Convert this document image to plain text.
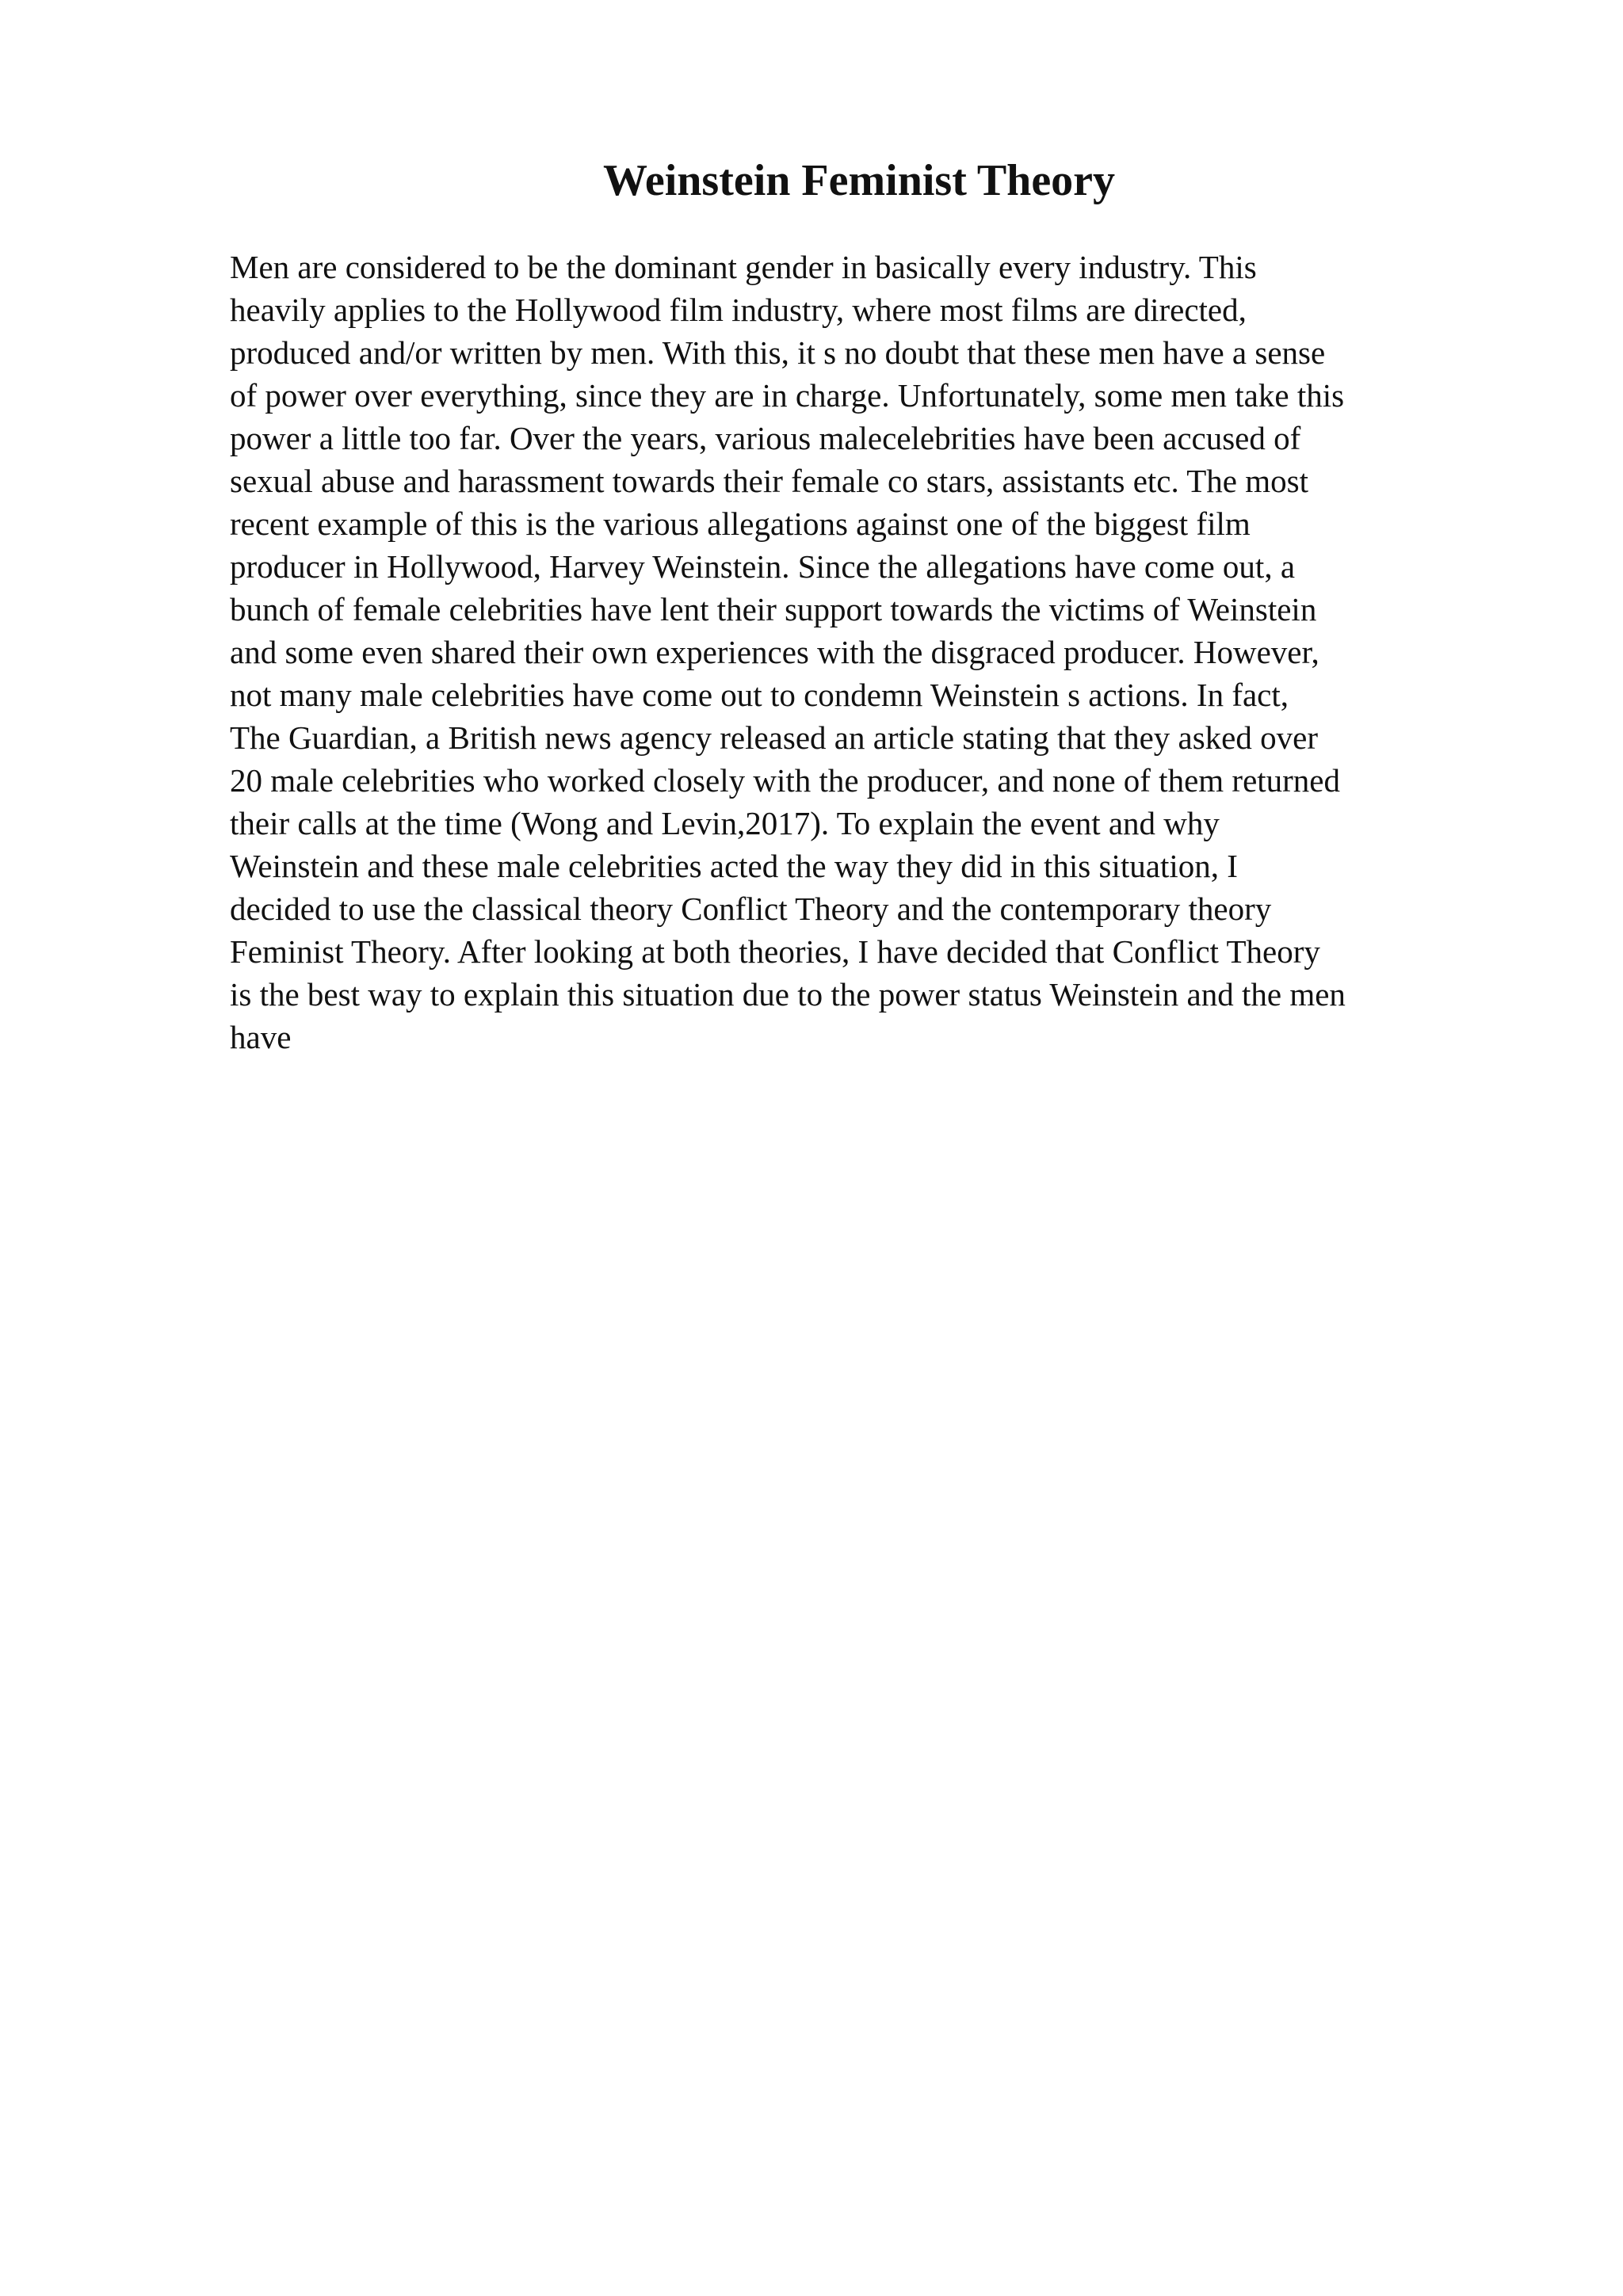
Weinstein Feminist Theory
Men are considered to be the dominant gender in basically every industry. This
heavily applies to the Hollywood film industry, where most films are directed,
produced and/or written by men. With this, it s no doubt that these men have a sense
of power over everything, since they are in charge. Unfortunately, some men take this
power a little too far. Over the years, various malecelebrities have been accused of
sexual abuse and harassment towards their female co stars, assistants etc. The most
recent example of this is the various allegations against one of the biggest film
producer in Hollywood, Harvey Weinstein. Since the allegations have come out, a
bunch of female celebrities have lent their support towards the victims of Weinstein
and some even shared their own experiences with the disgraced producer. However,
not many male celebrities have come out to condemn Weinstein s actions. In fact,
The Guardian, a British news agency released an article stating that they asked over
20 male celebrities who worked closely with the producer, and none of them returned
their calls at the time (Wong and Levin,2017). To explain the event and why
Weinstein and these male celebrities acted the way they did in this situation, I
decided to use the classical theory Conflict Theory and the contemporary theory
Feminist Theory. After looking at both theories, I have decided that Conflict Theory
is the best way to explain this situation due to the power status Weinstein and the men
have
